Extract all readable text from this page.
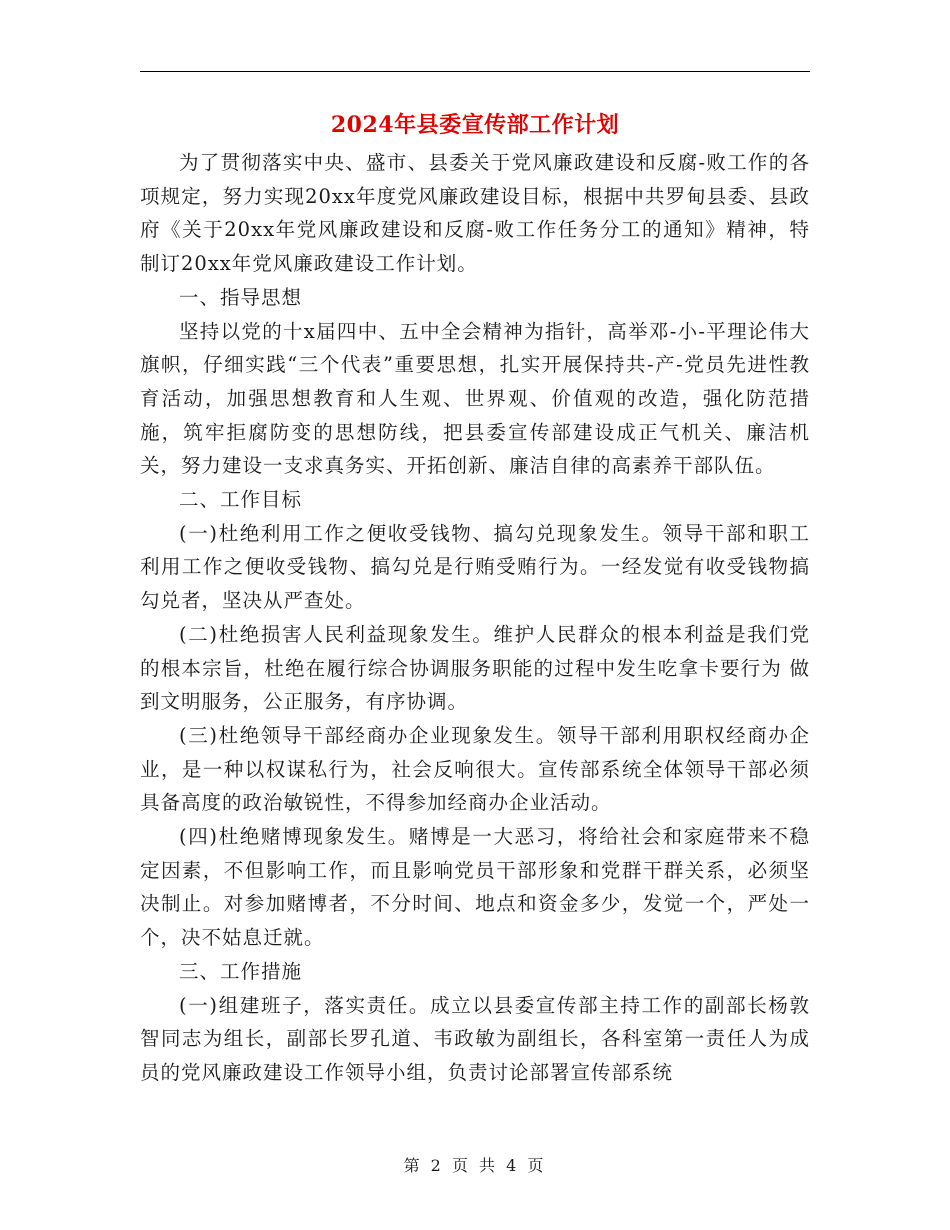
2024年县委宣传部工作计划

为了贯彻落实中央、盛市、县委关于党风廉政建设和反腐-败工作的各项规定，努力实现20xx年度党风廉政建设目标，根据中共罗甸县委、县政府《关于20xx年党风廉政建设和反腐-败工作任务分工的通知》精神，特制订20xx年党风廉政建设工作计划。

一、指导思想

坚持以党的十x届四中、五中全会精神为指针，高举邓-小-平理论伟大旗帜，仔细实践“三个代表”重要思想，扎实开展保持共-产-党员先进性教育活动，加强思想教育和人生观、世界观、价值观的改造，强化防范措施，筑牢拒腐防变的思想防线，把县委宣传部建设成正气机关、廉洁机关，努力建设一支求真务实、开拓创新、廉洁自律的高素养干部队伍。

二、工作目标

(一)杜绝利用工作之便收受钱物、搞勾兑现象发生。领导干部和职工利用工作之便收受钱物、搞勾兑是行贿受贿行为。一经发觉有收受钱物搞勾兑者，坚决从严查处。

(二)杜绝损害人民利益现象发生。维护人民群众的根本利益是我们党的根本宗旨，杜绝在履行综合协调服务职能的过程中发生吃拿卡要行为 做到文明服务，公正服务，有序协调。

(三)杜绝领导干部经商办企业现象发生。领导干部利用职权经商办企业，是一种以权谋私行为，社会反响很大。宣传部系统全体领导干部必须具备高度的政治敏锐性，不得参加经商办企业活动。

(四)杜绝赌博现象发生。赌博是一大恶习，将给社会和家庭带来不稳定因素，不但影响工作，而且影响党员干部形象和党群干群关系，必须坚决制止。对参加赌博者，不分时间、地点和资金多少，发觉一个，严处一个，决不姑息迁就。

三、工作措施

(一)组建班子，落实责任。成立以县委宣传部主持工作的副部长杨敦智同志为组长，副部长罗孔道、韦政敏为副组长，各科室第一责任人为成员的党风廉政建设工作领导小组，负责讨论部署宣传部系统

第 2 页 共 4 页
